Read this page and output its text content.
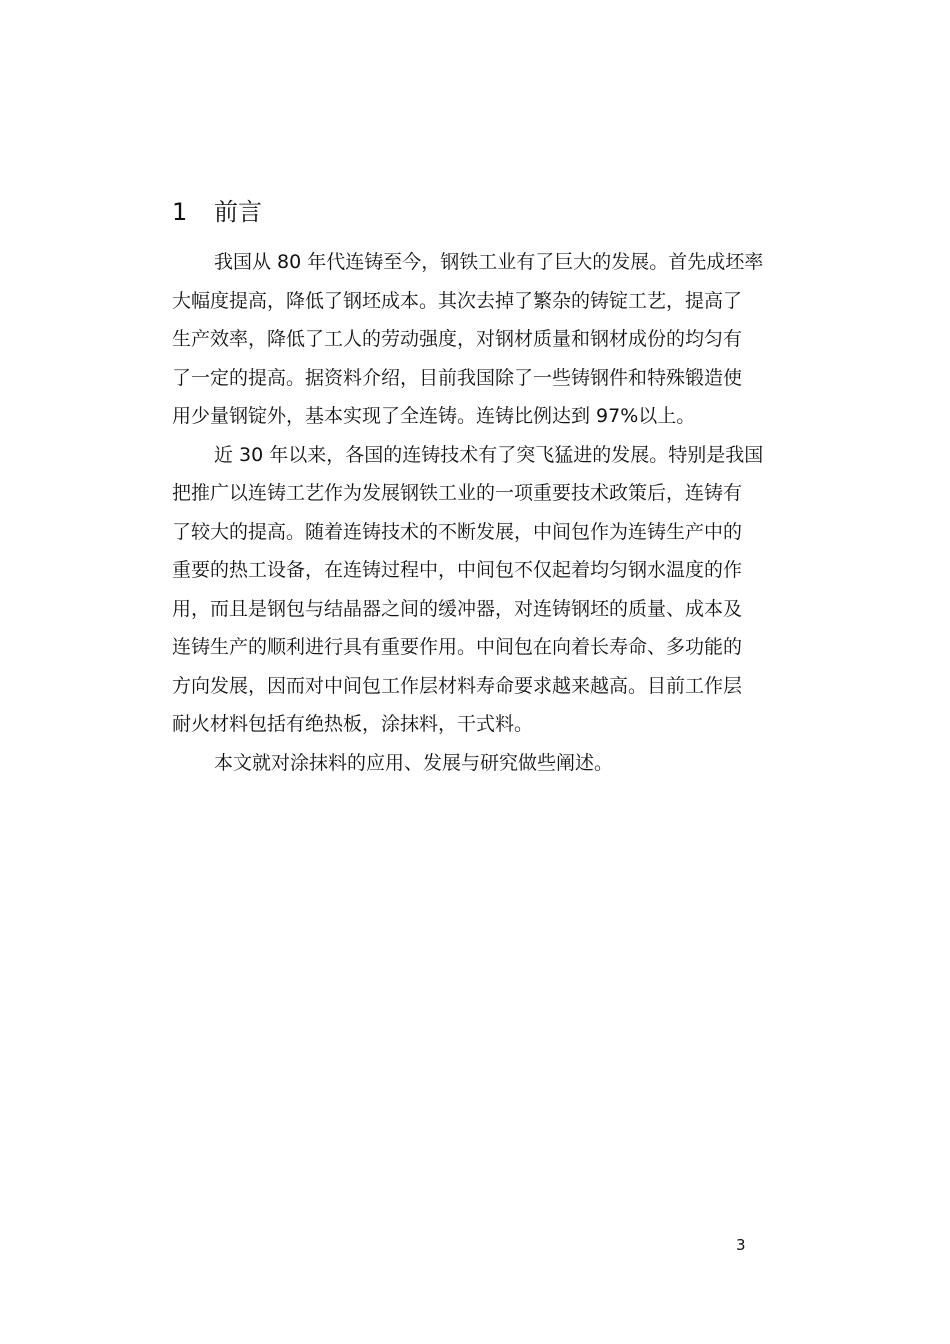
1 前言
我国从 80 年代连铸至今，钢铁工业有了巨大的发展。首先成坯率
大幅度提高，降低了钢坯成本。其次去掉了繁杂的铸锭工艺，提高了
生产效率，降低了工人的劳动强度，对钢材质量和钢材成份的均匀有
了一定的提高。据资料介绍，目前我国除了一些铸钢件和特殊锻造使
用少量钢锭外，基本实现了全连铸。连铸比例达到 97%以上。
近 30 年以来，各国的连铸技术有了突飞猛进的发展。特别是我国
把推广以连铸工艺作为发展钢铁工业的一项重要技术政策后，连铸有
了较大的提高。随着连铸技术的不断发展，中间包作为连铸生产中的
重要的热工设备，在连铸过程中，中间包不仅起着均匀钢水温度的作
用，而且是钢包与结晶器之间的缓冲器，对连铸钢坯的质量、成本及
连铸生产的顺利进行具有重要作用。中间包在向着长寿命、多功能的
方向发展，因而对中间包工作层材料寿命要求越来越高。目前工作层
耐火材料包括有绝热板，涂抹料，干式料。
本文就对涂抹料的应用、发展与研究做些阐述。
3
